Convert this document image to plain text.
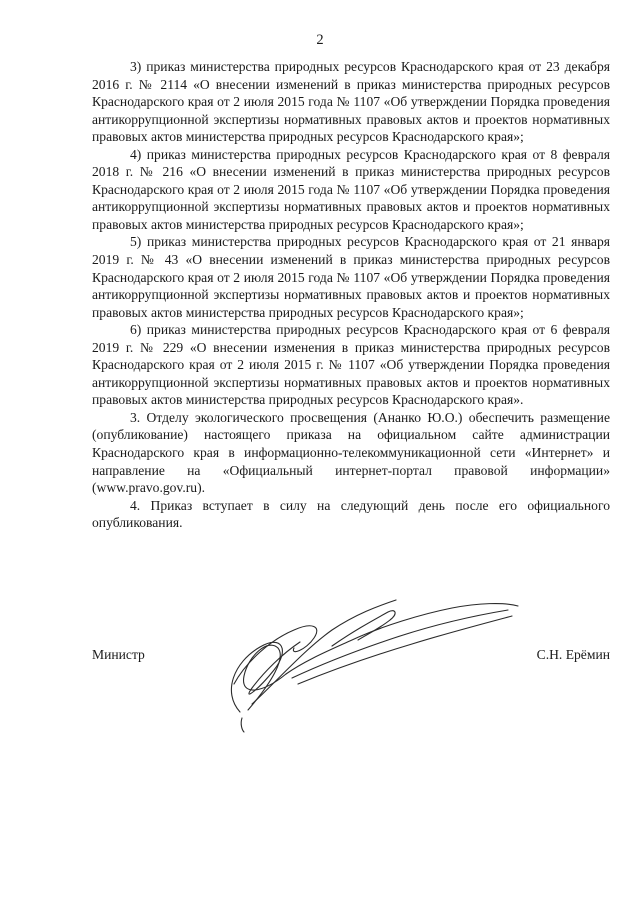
2

3) приказ министерства природных ресурсов Краснодарского края от 23 декабря 2016 г. № 2114 «О внесении изменений в приказ министерства природных ресурсов Краснодарского края от 2 июля 2015 года № 1107 «Об утверждении Порядка проведения антикоррупционной экспертизы нормативных правовых актов и проектов нормативных правовых актов министерства природных ресурсов Краснодарского края»;

4) приказ министерства природных ресурсов Краснодарского края от 8 февраля 2018 г. № 216 «О внесении изменений в приказ министерства природных ресурсов Краснодарского края от 2 июля 2015 года № 1107 «Об утверждении Порядка проведения антикоррупционной экспертизы нормативных правовых актов и проектов нормативных правовых актов министерства природных ресурсов Краснодарского края»;

5) приказ министерства природных ресурсов Краснодарского края от 21 января 2019 г. № 43 «О внесении изменений в приказ министерства природных ресурсов Краснодарского края от 2 июля 2015 года № 1107 «Об утверждении Порядка проведения антикоррупционной экспертизы нормативных правовых актов и проектов нормативных правовых актов министерства природных ресурсов Краснодарского края»;

6) приказ министерства природных ресурсов Краснодарского края от 6 февраля 2019 г. № 229 «О внесении изменения в приказ министерства природных ресурсов Краснодарского края от 2 июля 2015 г. № 1107 «Об утверждении Порядка проведения антикоррупционной экспертизы нормативных правовых актов и проектов нормативных правовых актов министерства природных ресурсов Краснодарского края».

3. Отделу экологического просвещения (Ананко Ю.О.) обеспечить размещение (опубликование) настоящего приказа на официальном сайте администрации Краснодарского края в информационно-телекоммуникационной сети «Интернет» и направление на «Официальный интернет-портал правовой информации» (www.pravo.gov.ru).

4. Приказ вступает в силу на следующий день после его официального опубликования.

Министр	С.Н. Ерёмин
